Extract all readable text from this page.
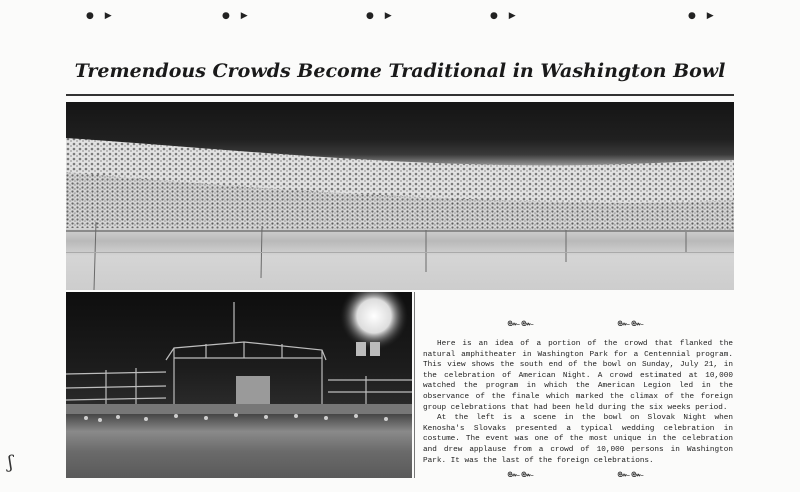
● ▶	● ▶	● ▶	● ▶	● ▶
Tremendous Crowds Become Traditional in Washington Bowl
๛๛	๛๛

Here is an idea of a portion of the crowd that flanked the natural amphitheater in Washington Park for a Centennial program. This view shows the south end of the bowl on Sunday, July 21, in the celebration of American Night. A crowd estimated at 10,000 watched the program in which the American Legion led in the observance of the finale which marked the climax of the foreign group celebrations that had been held during the six weeks period.
At the left is a scene in the bowl on Slovak Night when Kenosha's Slovaks presented a typical wedding celebration in costume. The event was one of the most unique in the celebration and drew applause from a crowd of 10,000 persons in Washington Park. It was the last of the foreign celebrations.

๛๛	๛๛
ʃ
